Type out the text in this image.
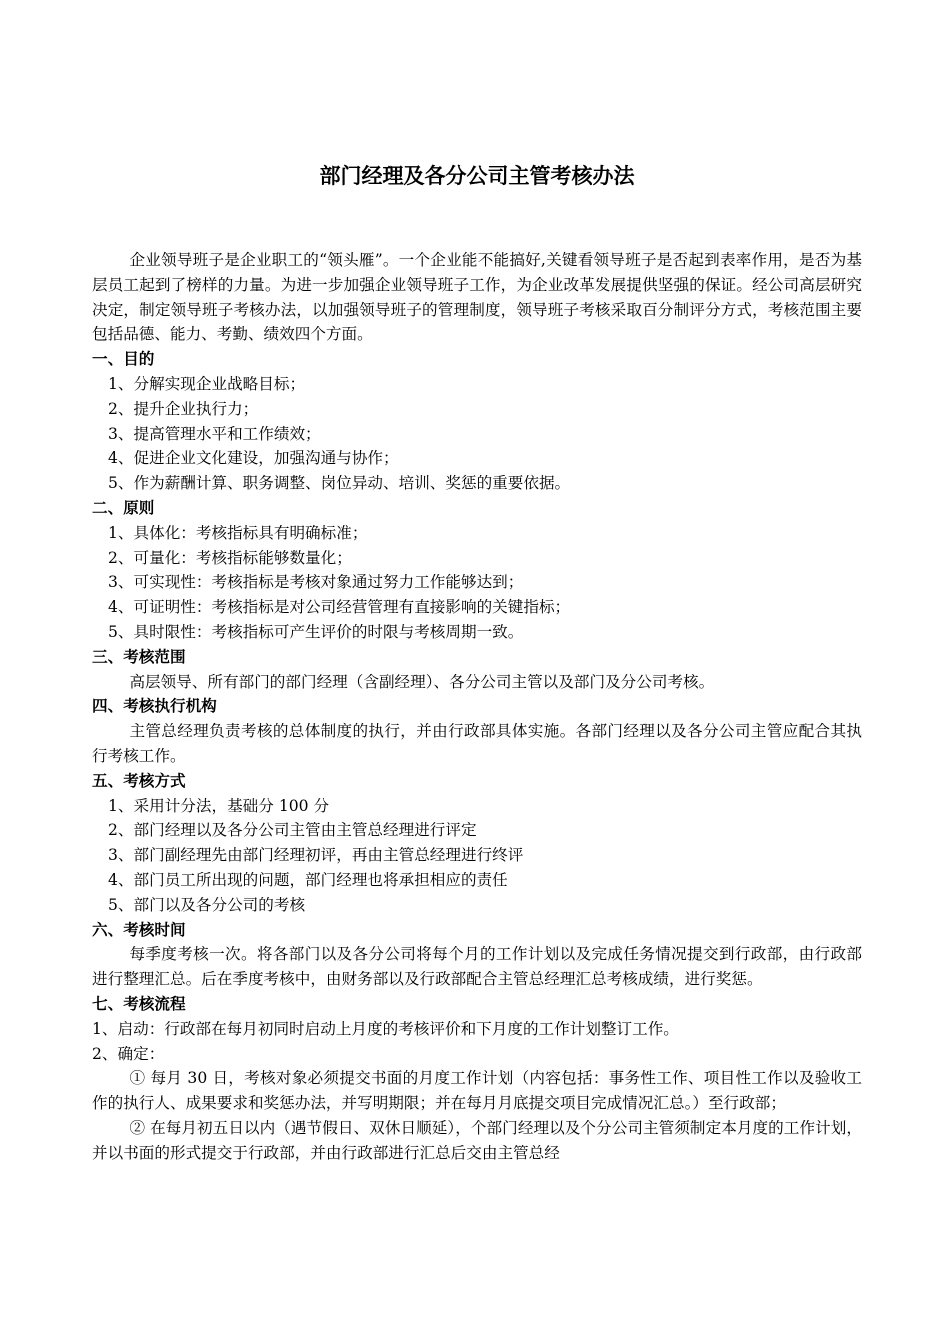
部门经理及各分公司主管考核办法

企业领导班子是企业职工的“领头雁”。一个企业能不能搞好,关键看领导班子是否起到表率作用，是否为基层员工起到了榜样的力量。为进一步加强企业领导班子工作，为企业改革发展提供坚强的保证。经公司高层研究决定，制定领导班子考核办法，以加强领导班子的管理制度，领导班子考核采取百分制评分方式，考核范围主要包括品德、能力、考勤、绩效四个方面。

一、目的

1、分解实现企业战略目标；

2、提升企业执行力；

3、提高管理水平和工作绩效；

4、促进企业文化建设，加强沟通与协作；

5、作为薪酬计算、职务调整、岗位异动、培训、奖惩的重要依据。

二、原则

1、具体化：考核指标具有明确标准；

2、可量化：考核指标能够数量化；

3、可实现性：考核指标是考核对象通过努力工作能够达到；

4、可证明性：考核指标是对公司经营管理有直接影响的关键指标；

5、具时限性：考核指标可产生评价的时限与考核周期一致。

三、考核范围

高层领导、所有部门的部门经理（含副经理）、各分公司主管以及部门及分公司考核。

四、考核执行机构

主管总经理负责考核的总体制度的执行，并由行政部具体实施。各部门经理以及各分公司主管应配合其执行考核工作。

五、考核方式

1、采用计分法，基础分 100 分

2、部门经理以及各分公司主管由主管总经理进行评定

3、部门副经理先由部门经理初评，再由主管总经理进行终评

4、部门员工所出现的问题，部门经理也将承担相应的责任

5、部门以及各分公司的考核

六、考核时间

每季度考核一次。将各部门以及各分公司将每个月的工作计划以及完成任务情况提交到行政部，由行政部进行整理汇总。后在季度考核中，由财务部以及行政部配合主管总经理汇总考核成绩，进行奖惩。

七、考核流程

1、启动：行政部在每月初同时启动上月度的考核评价和下月度的工作计划整订工作。

2、确定：

① 每月 30 日，考核对象必须提交书面的月度工作计划（内容包括：事务性工作、项目性工作以及验收工作的执行人、成果要求和奖惩办法，并写明期限；并在每月月底提交项目完成情况汇总。）至行政部；

② 在每月初五日以内（遇节假日、双休日顺延），个部门经理以及个分公司主管须制定本月度的工作计划，并以书面的形式提交于行政部，并由行政部进行汇总后交由主管总经
